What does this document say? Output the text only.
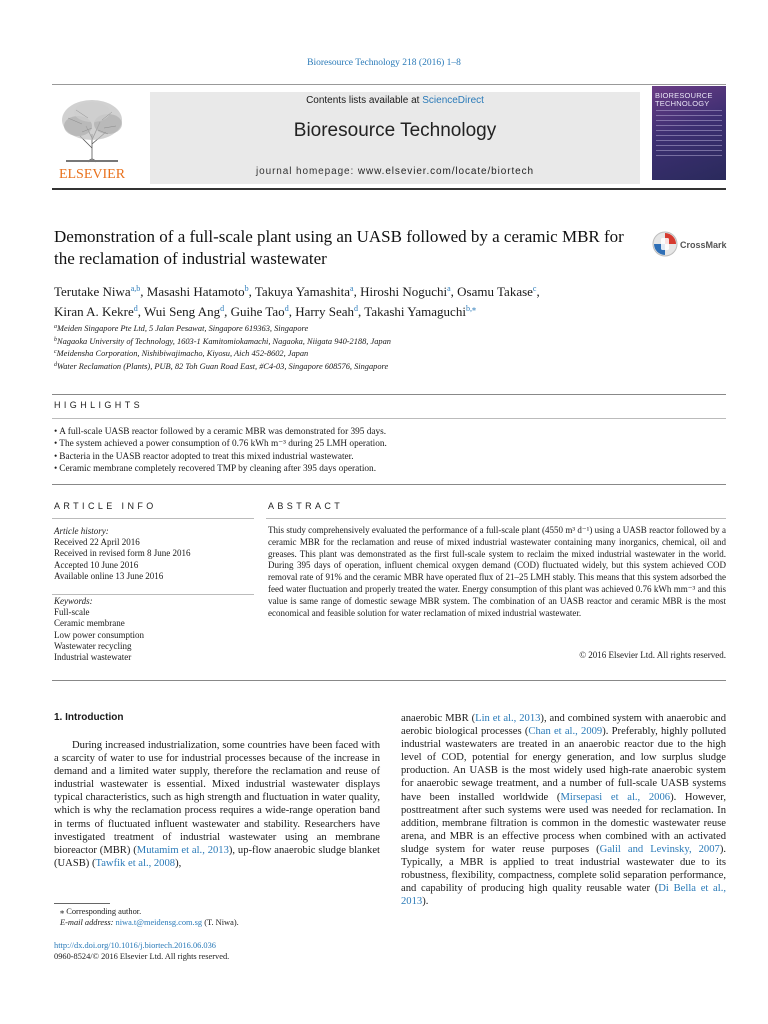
Bioresource Technology 218 (2016) 1–8
ELSEVIER
Contents lists available at ScienceDirect
Bioresource Technology
journal homepage: www.elsevier.com/locate/biortech
BIORESOURCE TECHNOLOGY
Demonstration of a full-scale plant using an UASB followed by a ceramic MBR for the reclamation of industrial wastewater
CrossMark
Terutake Niwa$^{a,b}$, Masashi Hatamoto$^b$, Takuya Yamashita$^a$, Hiroshi Noguchi$^a$, Osamu Takase$^c$,
Kiran A. Kekre$^d$, Wui Seng Ang$^d$, Guihe Tao$^d$, Harry Seah$^d$, Takashi Yamaguchi$^{b,⁎}$
$^a$Meiden Singapore Pte Ltd, 5 Jalan Pesawat, Singapore 619363, Singapore
$^b$Nagaoka University of Technology, 1603-1 Kamitomiokamachi, Nagaoka, Niigata 940-2188, Japan
$^c$Meidensha Corporation, Nishibiwajimacho, Kiyosu, Aich 452-8602, Japan
$^d$Water Reclamation (Plants), PUB, 82 Toh Guan Road East, #C4-03, Singapore 608576, Singapore
HIGHLIGHTS
• A full-scale UASB reactor followed by a ceramic MBR was demonstrated for 395 days.
• The system achieved a power consumption of 0.76 kWh m⁻³ during 25 LMH operation.
• Bacteria in the UASB reactor adopted to treat this mixed industrial wastewater.
• Ceramic membrane completely recovered TMP by cleaning after 395 days operation.
ARTICLE INFO
Article history:
Received 22 April 2016
Received in revised form 8 June 2016
Accepted 10 June 2016
Available online 13 June 2016
Keywords:
Full-scale
Ceramic membrane
Low power consumption
Wastewater recycling
Industrial wastewater
ABSTRACT
This study comprehensively evaluated the performance of a full-scale plant (4550 m³ d⁻¹) using a UASB reactor followed by a ceramic MBR for the reclamation and reuse of mixed industrial wastewater containing many inorganics, chemical, oil and greases. This plant was demonstrated as the first full-scale system to reclaim the mixed industrial wastewater in the world. During 395 days of operation, influent chemical oxygen demand (COD) fluctuated widely, but this system achieved COD removal rate of 91% and the ceramic MBR have operated flux of 21–25 LMH stably. This means that this system adsorbed the feed water fluctuation and properly treated the water. Energy consumption of this plant was achieved 0.76 kWh mm⁻³ and this value is same range of domestic sewage MBR system. The combination of an UASB reactor and ceramic MBR is the most economical and feasible solution for water reclamation of mixed industrial wastewater.
© 2016 Elsevier Ltd. All rights reserved.
1. Introduction

During increased industrialization, some countries have been faced with a scarcity of water to use for industrial processes because of the increase in demand and a limited water supply, therefore the reclamation and reuse of industrial wastewater is essential. Mixed industrial wastewater displays typical characteristics, such as high strength and fluctuation in water quality, which is why the reclamation process requires a wide-range operation band in terms of fluctuated influent wastewater and stability. Researchers have investigated treatment of industrial wastewater using an membrane bioreactor (MBR) (Mutamim et al., 2013), up-flow anaerobic sludge blanket (UASB) (Tawfik et al., 2008),

anaerobic MBR (Lin et al., 2013), and combined system with anaerobic and aerobic biological processes (Chan et al., 2009). Preferably, highly polluted industrial wastewaters are treated in an anaerobic reactor due to the high level of COD, potential for energy generation, and low surplus sludge production. An UASB is the most widely used high-rate anaerobic system for anaerobic sewage treatment, and a number of full-scale UASB systems have been installed worldwide (Mirsepasi et al., 2006). However, posttreatment after such systems were used was needed for reclamation. In addition, membrane filtration is common in the domestic wastewater reuse arena, and MBR is an effective process when combined with an activated sludge system for water reuse purposes (Galil and Levinsky, 2007). Typically, a MBR is applied to treat industrial wastewater due to its robustness, flexibility, compactness, complete solid separation performance, and capability of producing high quality reusable water (Di Bella et al., 2013).

⁎ Corresponding author.
E-mail address: niwa.t@meidensg.com.sg (T. Niwa).
http://dx.doi.org/10.1016/j.biortech.2016.06.036
0960-8524/© 2016 Elsevier Ltd. All rights reserved.
